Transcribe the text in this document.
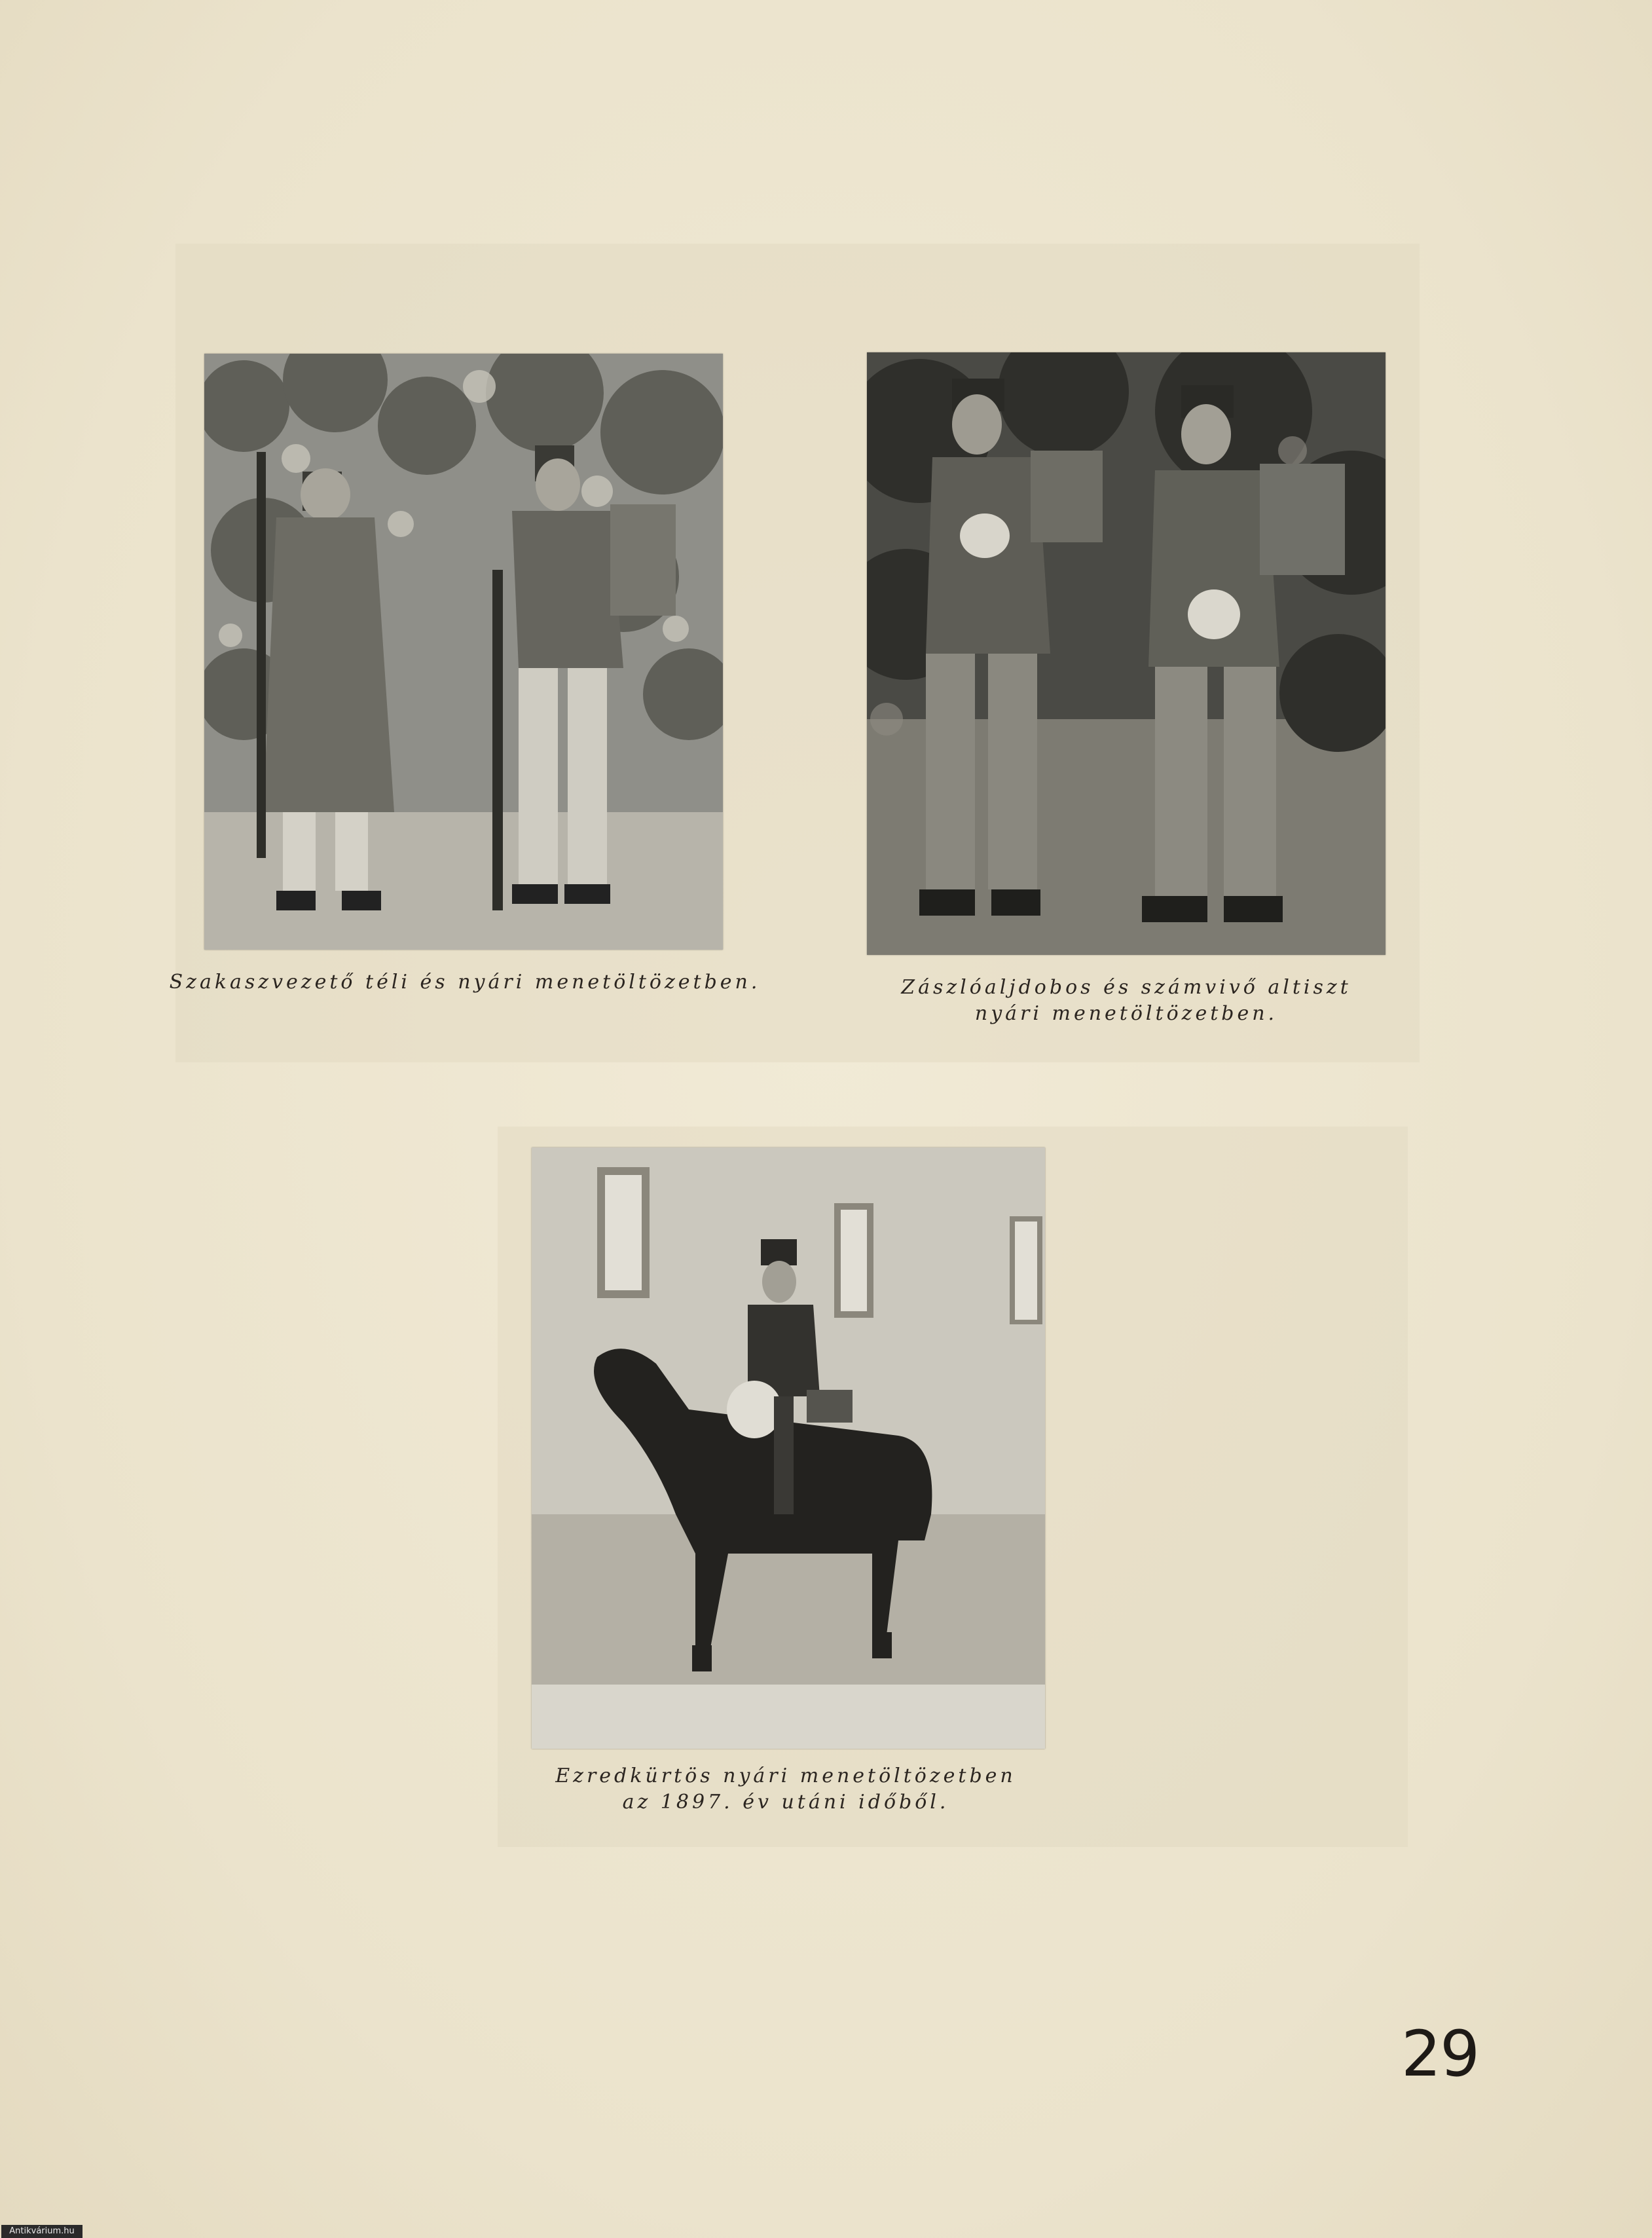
Szakaszvezető téli és nyári menetöltözetben.	Zászlóaljdobos és számvivő altiszt
nyári menetöltözetben.
Ezredkürtös nyári menetöltözetben
az 1897. év utáni időből.
29
Antikvárium.hu
